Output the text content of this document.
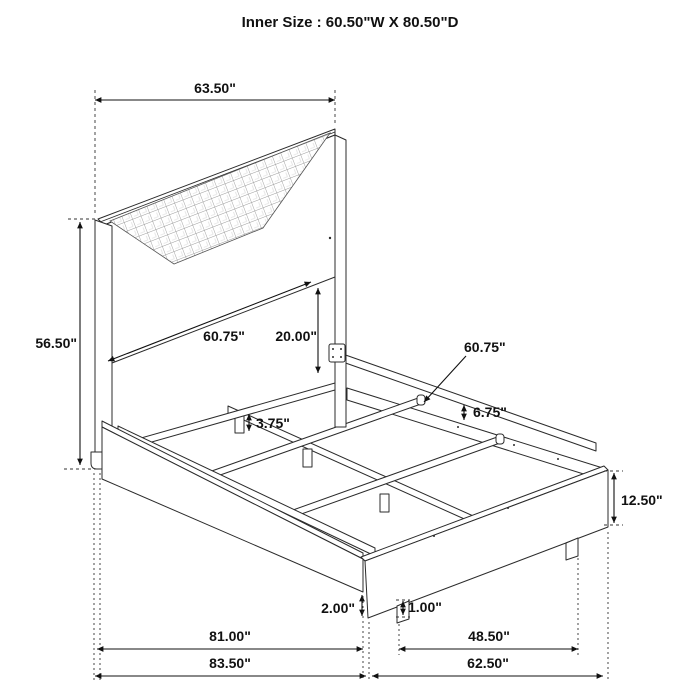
Inner Size : 60.50"W X 80.50"D
63.50"
56.50"	60.75" 20.00"
60.75"
6.75"
3.75"
12.50"
2.00"	1.00"
81.00"	48.50"
83.50"	62.50"
